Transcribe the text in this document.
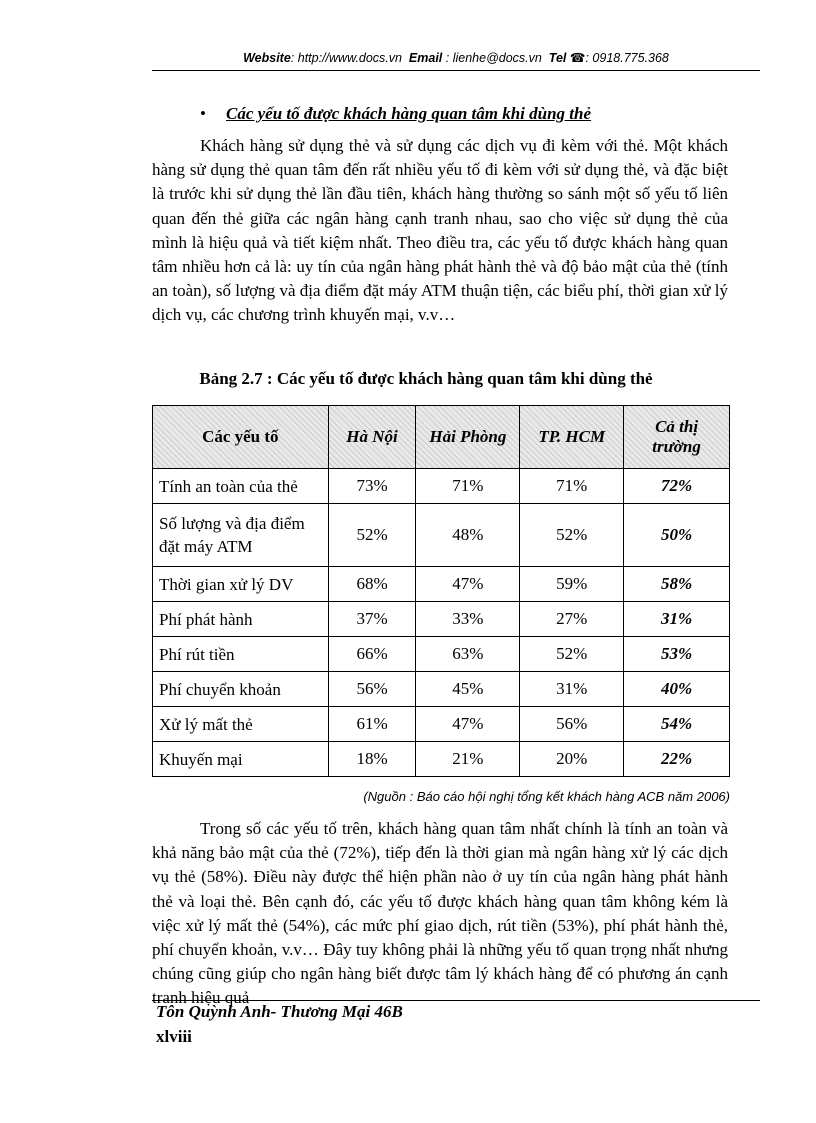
Website: http://www.docs.vn Email : lienhe@docs.vn Tel ☎: 0918.775.368
• Các yếu tố được khách hàng quan tâm khi dùng thẻ

Khách hàng sử dụng thẻ và sử dụng các dịch vụ đi kèm với thẻ. Một khách hàng sử dụng thẻ quan tâm đến rất nhiều yếu tố đi kèm với sử dụng thẻ, và đặc biệt là trước khi sử dụng thẻ lần đầu tiên, khách hàng thường so sánh một số yếu tố liên quan đến thẻ giữa các ngân hàng cạnh tranh nhau, sao cho việc sử dụng thẻ của mình là hiệu quả và tiết kiệm nhất. Theo điều tra, các yếu tố được khách hàng quan tâm nhiều hơn cả là: uy tín của ngân hàng phát hành thẻ và độ bảo mật của thẻ (tính an toàn), số lượng và địa điểm đặt máy ATM thuận tiện, các biểu phí, thời gian xử lý dịch vụ, các chương trình khuyến mại, v.v…

Bảng 2.7 : Các yếu tố được khách hàng quan tâm khi dùng thẻ
Các yếu tố	Hà Nội	Hải Phòng	TP. HCM	Cả thị trường
Tính an toàn của thẻ	73%	71%	71%	72%
Số lượng và địa điểm đặt máy ATM	52%	48%	52%	50%
Thời gian xử lý DV	68%	47%	59%	58%
Phí phát hành	37%	33%	27%	31%
Phí rút tiền	66%	63%	52%	53%
Phí chuyển khoản	56%	45%	31%	40%
Xử lý mất thẻ	61%	47%	56%	54%
Khuyến mại	18%	21%	20%	22%
(Nguồn : Báo cáo hội nghị tổng kết khách hàng ACB năm 2006)

Trong số các yếu tố trên, khách hàng quan tâm nhất chính là tính an toàn và khả năng bảo mật của thẻ (72%), tiếp đến là thời gian mà ngân hàng xử lý các dịch vụ thẻ (58%). Điều này được thể hiện phần nào ở uy tín của ngân hàng phát hành thẻ và loại thẻ. Bên cạnh đó, các yếu tố được khách hàng quan tâm không kém là việc xử lý mất thẻ (54%), các mức phí giao dịch, rút tiền (53%), phí phát hành thẻ, phí chuyển khoản, v.v… Đây tuy không phải là những yếu tố quan trọng nhất nhưng chúng cũng giúp cho ngân hàng biết được tâm lý khách hàng để có phương án cạnh tranh hiệu quả

Tôn Quỳnh Anh- Thương Mại 46B
xlviii
